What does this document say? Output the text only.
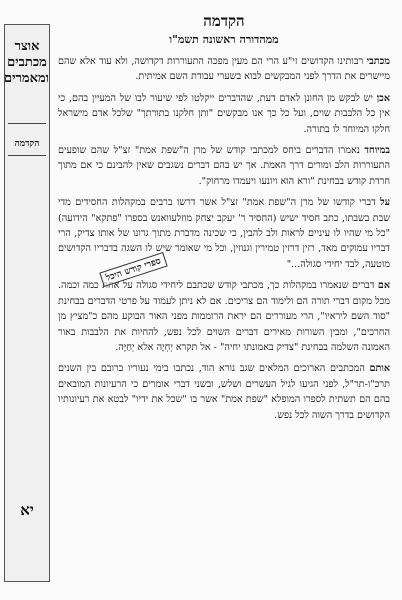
אוצר
מכתבים
ומאמרים
הקדמה
יא
הקדמה
ממהדורה ראשונה תשמ"ו

מכתבי רבותינו הקדושים זי"ע הרי הם מעין מפכה התעוררות דקדושה, ולא עוד אלא שהם מיישרים את הדרך לפני המבקשים לבוא בשערי עבודת השם אמיתית.

אכן יש לבקש מן החונן לאדם דעת, שהדברים ייקלטו לפי שיעור לבו של המעיין בהם, כי אין כל הלבבות שוים, ועל כל כך אנו מבקשים "ותן חלקנו בתורתך" שלכל אדם מישראל חלקו המיוחד לו בתורה.

במיוחד נאמרו הדברים ביחס למכתבי קודש של מרן ה"שפת אמת" זצ"ל שהם שופעים התעוררות הלב ומורים דרך האמת. אך יש בהם דברים נשגבים שאין להבינם כי אם מתוך חרדת קודש בבחינת "ורא הוא ויונעו ויעמדו מרחוק".

על דברי קודשו של מרן ה"שפת אמת" זצ"ל אשר דרשו ברבים במקהלות החסידים מדי שבת בשבתו, כתב חסיד ישיש (החסיד ר' יעקב יצחק מוזלעוואנש בספרו "פתקא" הידועה) "כל מי שהיו לו עיניים לראות ולב להבין, כי שכינה מדברת מתוך גרונו של אותו צדיק, הרי דבריו עמוקים מאד, רזין דרזין טמירין וגנוזין, וכל מי שאומר שיש לו השגה בדבריו הקדושים מוטעה, לבד יחידי סגולה..."

אם דברים שנאמרו במקהלות כך, מכתבי קודש שכתבם ליחידי סגולה על אחת כמה וכמה. מכל מקום דברי תורה הם ולימוד הם צריכים. אם לא ניתן לעמוד על פרטי הדברים בבחינת "סוד השם ליראיו", הרי מעוררים הם יראת הרוממות מפני האור הבוקע מהם כ"מציץ מן החרכים", ומבין השורות מאירים דברים השוים לכל נפש, להחיות את הלבבות באור האמונה השלמה בבחינת "צדיק באמונתו יחיה" - אל תקרא יְחְיֶה אלא יְחַיֶּה.

אותם המכתבים הארוכים המלאים שגב נורא הוד, נכתבו בימי נעוריו ברובם בין השנים תרכ"ו-תר"ל, לפני הגיעו לגיל העשרים ושלש, ובשני דברי אומרים כי הרעיונות המובאים בהם הם תשתית לספרו המופלא "שפת אמת" אשר בו "שכל את ידיו" לבטא את רעיונותיו הקדושים בדרך השוה לכל נפש.

ספרי קודש היכל
